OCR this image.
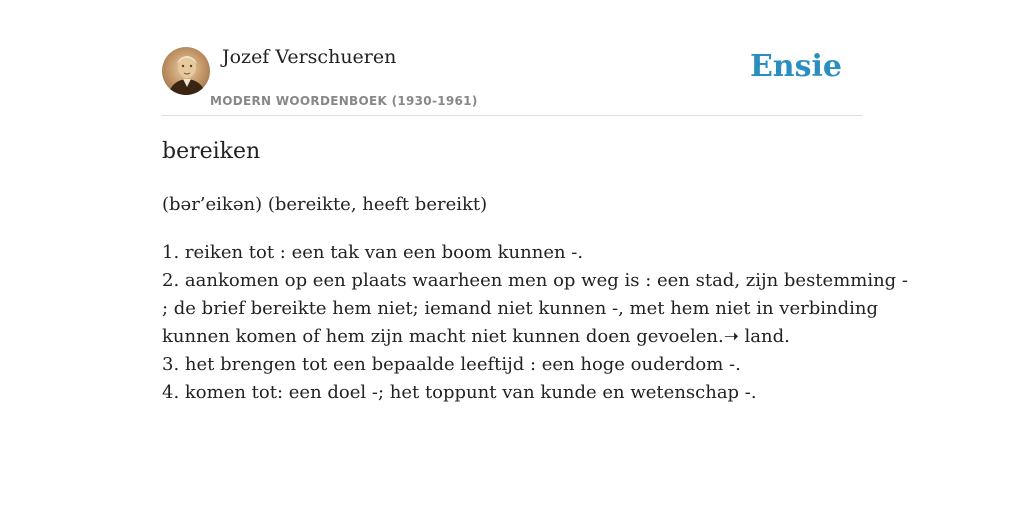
Jozef Verschueren
MODERN WOORDENBOEK (1930-1961)
Ensie
bereiken
(bər’eikən) (bereikte, heeft bereikt)
1. reiken tot : een tak van een boom kunnen -.
2. aankomen op een plaats waarheen men op weg is : een stad, zijn bestemming -
; de brief bereikte hem niet; iemand niet kunnen -, met hem niet in verbinding
kunnen komen of hem zijn macht niet kunnen doen gevoelen.➝ land.
3. het brengen tot een bepaalde leeftijd : een hoge ouderdom -.
4. komen tot: een doel -; het toppunt van kunde en wetenschap -.
